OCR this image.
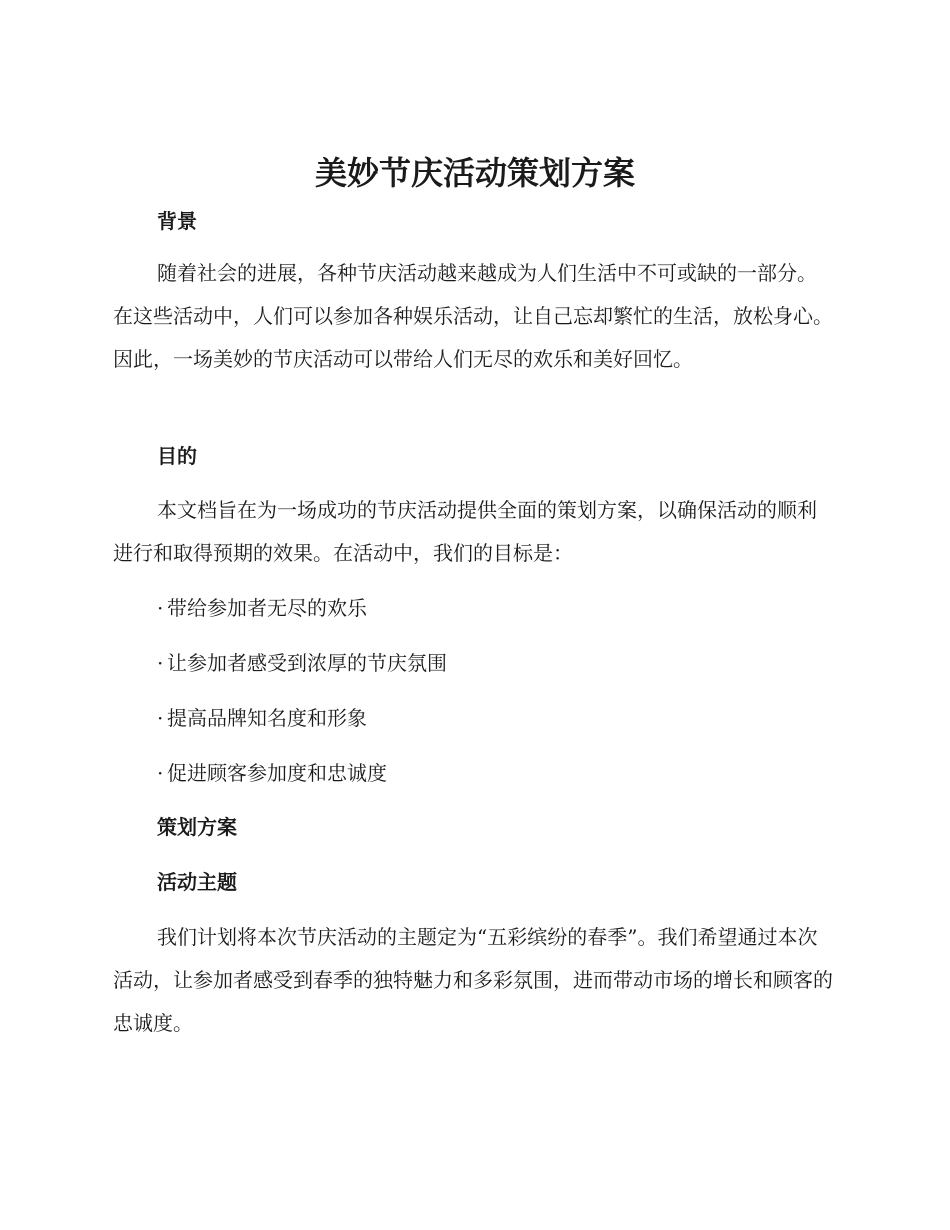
美妙节庆活动策划方案
背景

随着社会的进展，各种节庆活动越来越成为人们生活中不可或缺的一部分。在这些活动中，人们可以参加各种娱乐活动，让自己忘却繁忙的生活，放松身心。因此，一场美妙的节庆活动可以带给人们无尽的欢乐和美好回忆。

目的

本文档旨在为一场成功的节庆活动提供全面的策划方案，以确保活动的顺利进行和取得预期的效果。在活动中，我们的目标是：

· 带给参加者无尽的欢乐
· 让参加者感受到浓厚的节庆氛围
· 提高品牌知名度和形象
· 促进顾客参加度和忠诚度
策划方案
活动主题

我们计划将本次节庆活动的主题定为“五彩缤纷的春季”。我们希望通过本次活动，让参加者感受到春季的独特魅力和多彩氛围，进而带动市场的增长和顾客的忠诚度。
